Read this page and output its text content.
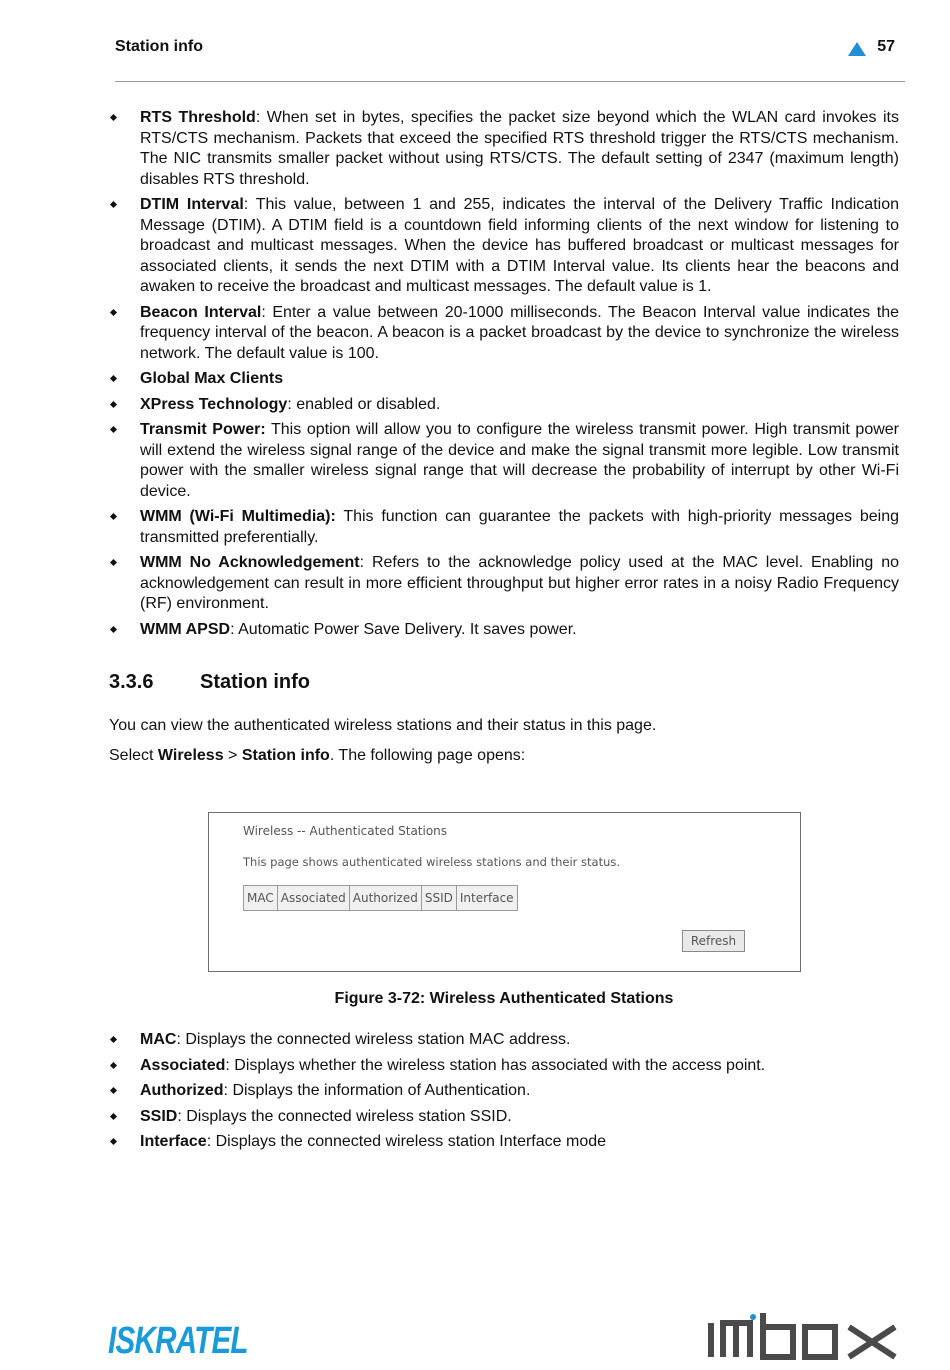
Station info	57
RTS Threshold: When set in bytes, specifies the packet size beyond which the WLAN card invokes its RTS/CTS mechanism. Packets that exceed the specified RTS threshold trigger the RTS/CTS mechanism. The NIC transmits smaller packet without using RTS/CTS. The default setting of 2347 (maximum length) disables RTS threshold.
DTIM Interval: This value, between 1 and 255, indicates the interval of the Delivery Traffic Indication Message (DTIM). A DTIM field is a countdown field informing clients of the next window for listening to broadcast and multicast messages. When the device has buffered broadcast or multicast messages for associated clients, it sends the next DTIM with a DTIM Interval value. Its clients hear the beacons and awaken to receive the broadcast and multicast messages. The default value is 1.
Beacon Interval: Enter a value between 20-1000 milliseconds. The Beacon Interval value indicates the frequency interval of the beacon. A beacon is a packet broadcast by the device to synchronize the wireless network. The default value is 100.
Global Max Clients
XPress Technology: enabled or disabled.
Transmit Power: This option will allow you to configure the wireless transmit power. High transmit power will extend the wireless signal range of the device and make the signal transmit more legible. Low transmit power with the smaller wireless signal range that will decrease the probability of interrupt by other Wi-Fi device.
WMM (Wi-Fi Multimedia): This function can guarantee the packets with high-priority messages being transmitted preferentially.
WMM No Acknowledgement: Refers to the acknowledge policy used at the MAC level. Enabling no acknowledgement can result in more efficient throughput but higher error rates in a noisy Radio Frequency (RF) environment.
WMM APSD: Automatic Power Save Delivery. It saves power.
3.3.6 Station info
You can view the authenticated wireless stations and their status in this page.
Select Wireless > Station info. The following page opens:
Wireless -- Authenticated Stations
This page shows authenticated wireless stations and their status.
MAC	Associated	Authorized	SSID	Interface
Refresh
Figure 3-72: Wireless Authenticated Stations
MAC: Displays the connected wireless station MAC address.
Associated: Displays whether the wireless station has associated with the access point.
Authorized: Displays the information of Authentication.
SSID: Displays the connected wireless station SSID.
Interface: Displays the connected wireless station Interface mode
ISKRATEL
